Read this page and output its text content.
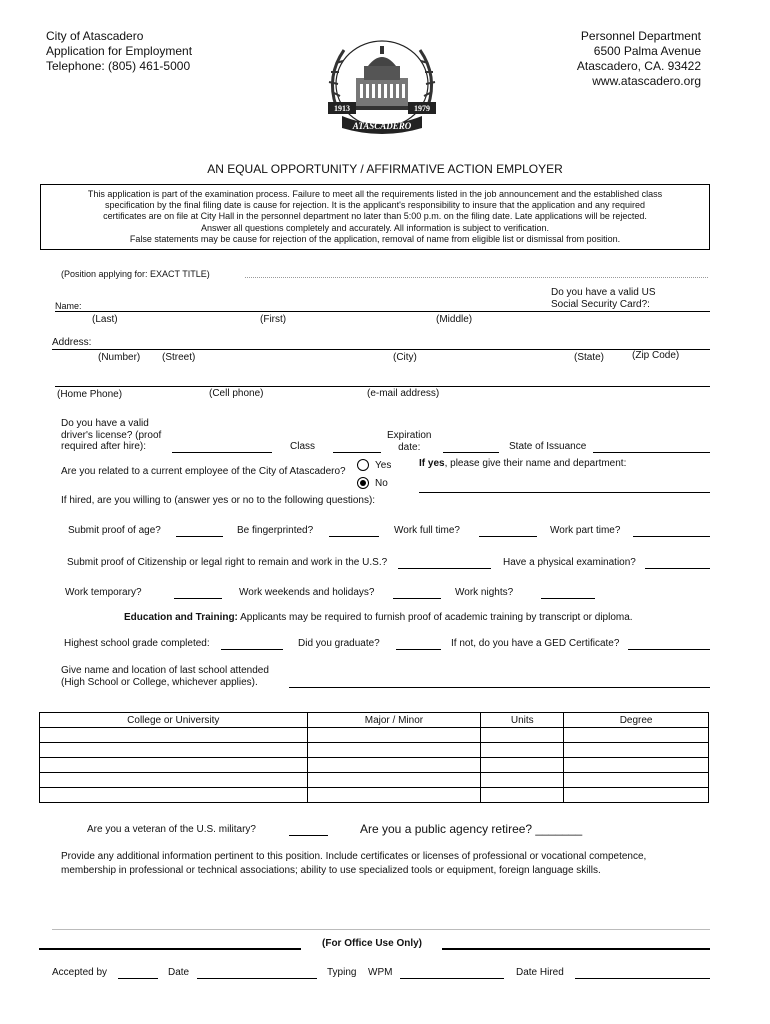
City of Atascadero
Application for Employment
Telephone: (805) 461-5000
Personnel Department
6500 Palma Avenue
Atascadero, CA. 93422
www.atascadero.org
1913	1979
ATASCADERO
AN EQUAL OPPORTUNITY / AFFIRMATIVE ACTION EMPLOYER
This application is part of the examination process. Failure to meet all the requirements listed in the job announcement and the established class
specification by the final filing date is cause for rejection. It is the applicant's responsibility to insure that the application and any required
certificates are on file at City Hall in the personnel department no later than 5:00 p.m. on the filing date. Late applications will be rejected.
Answer all questions completely and accurately. All information is subject to verification.
False statements may be cause for rejection of the application, removal of name from eligible list or dismissal from position.
(Position applying for: EXACT TITLE)
Do you have a valid US
Social Security Card?:
Name:
(Last)	(First)	(Middle)
Address:
(Number) (Street)	(City)	(State)	(Zip Code)
(Home Phone)	(Cell phone)	(e-mail address)
Do you have a valid
driver's license? (proof
required after hire):	Class
Expiration
date:	State of Issuance
Are you related to a current employee of the City of Atascadero?
Yes
No
If yes, please give their name and department:
If hired, are you willing to (answer yes or no to the following questions):
Submit proof of age?	Be fingerprinted?	Work full time?	Work part time?
Submit proof of Citizenship or legal right to remain and work in the U.S.?	Have a physical examination?
Work temporary?	Work weekends and holidays?	Work nights?
Education and Training: Applicants may be required to furnish proof of academic training by transcript or diploma.
Highest school grade completed:	Did you graduate?	If not, do you have a GED Certificate?
Give name and location of last school attended
(High School or College, whichever applies).
College or University	Major / Minor	Units	Degree

Are you a veteran of the U.S. military?	Are you a public agency retiree? _______
Provide any additional information pertinent to this position. Include certificates or licenses of professional or vocational competence,
membership in professional or technical associations; ability to use specialized tools or equipment, foreign language skills.
(For Office Use Only)
Accepted by	Date	Typing WPM	Date Hired
